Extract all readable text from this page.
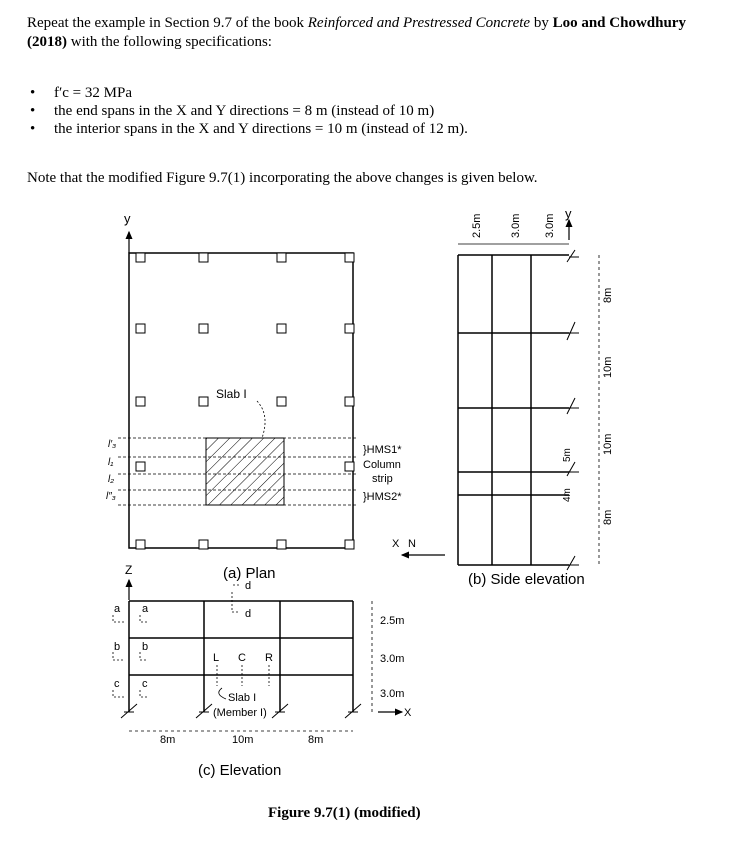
Repeat the example in Section 9.7 of the book Reinforced and Prestressed Concrete by Loo and Chowdhury (2018) with the following specifications:
• f′c = 32 MPa
• the end spans in the X and Y directions = 8 m (instead of 10 m)
• the interior spans in the X and Y directions = 10 m (instead of 12 m).
Note that the modified Figure 9.7(1) incorporating the above changes is given below.
y
Slab I
l′₃
l₁
l₂
l″₃
}HMS1*
Column
strip
}HMS2*
X N
(a) Plan
y
2.5m 3.0m 3.0m
8m
10m
10m
8m
5m
4m
(b) Side elevation
Z
a
b
c
a
b
c
d
d
L C R
Slab I
(Member I)
2.5m
3.0m
3.0m
X
8m	10m	8m
(c) Elevation
Figure 9.7(1) (modified)
